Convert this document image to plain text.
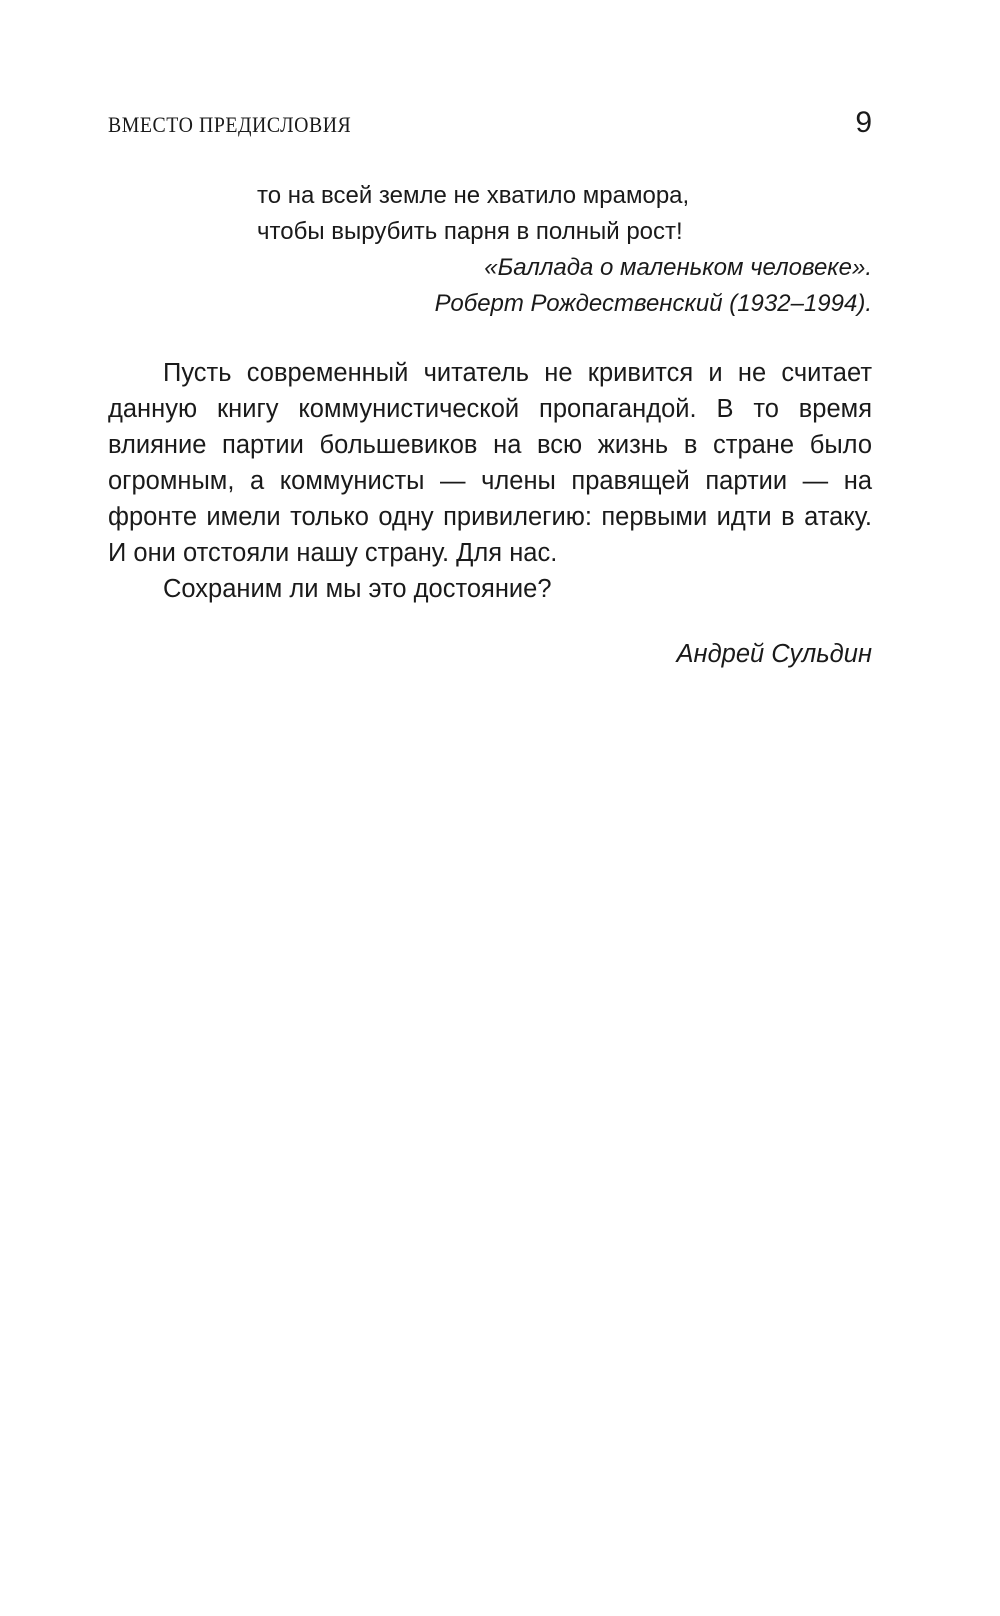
ВМЕСТО ПРЕДИСЛОВИЯ	9
то на всей земле не хватило мрамора,
чтобы вырубить парня в полный рост!
«Баллада о маленьком человеке».
Роберт Рождественский (1932–1994).

Пусть современный читатель не кривится и не считает данную книгу коммунистической пропагандой. В то время влияние партии большевиков на всю жизнь в стране было огромным, а коммунисты — члены правящей партии — на фронте имели только одну привилегию: первыми идти в атаку. И они отстояли нашу страну. Для нас.

Сохраним ли мы это достояние?

Андрей Сульдин
